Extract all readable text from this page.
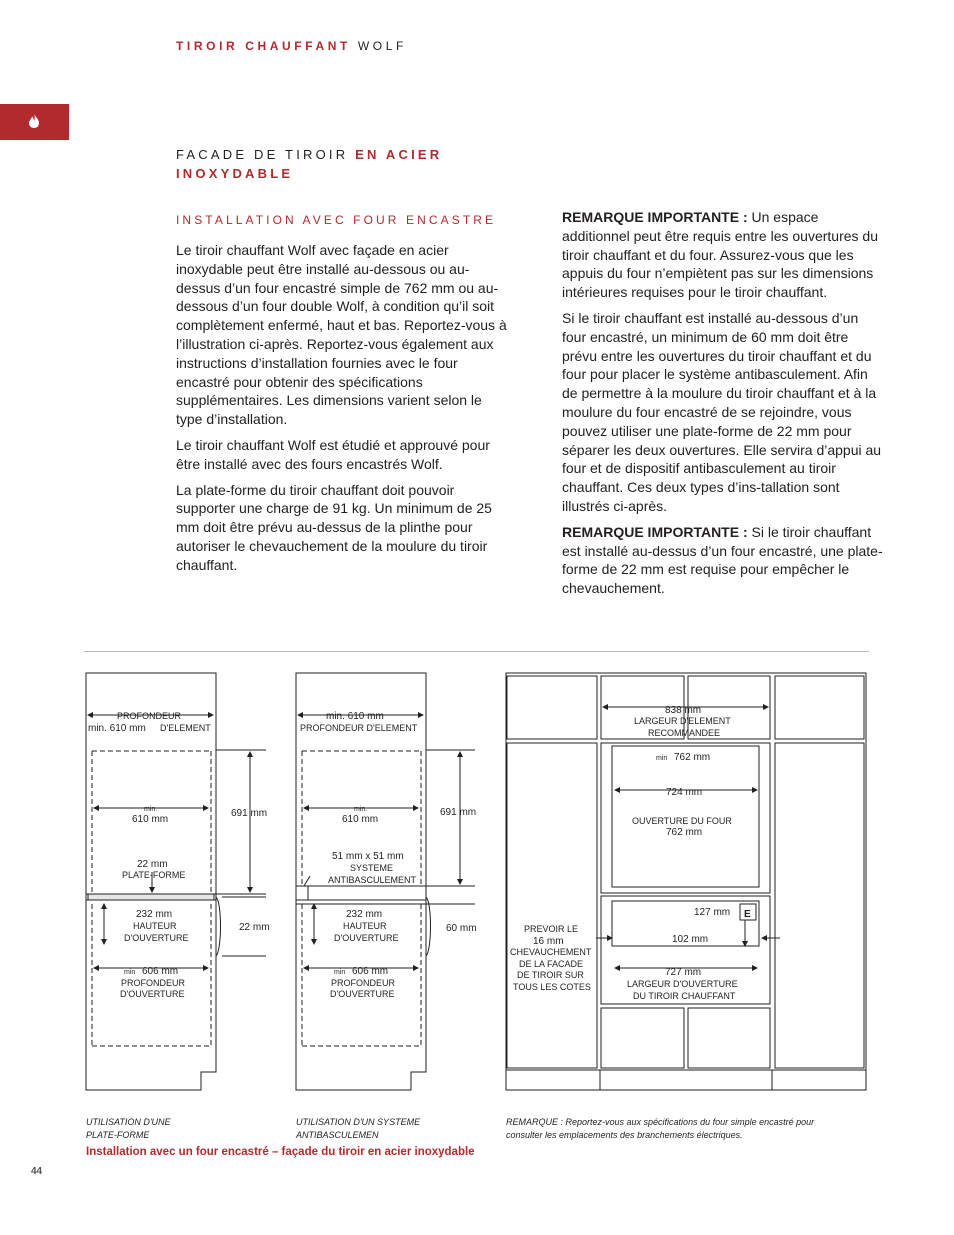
TIROIR CHAUFFANT WOLF
FACADE DE TIROIR EN ACIER INOXYDABLE
INSTALLATION AVEC FOUR ENCASTRE

Le tiroir chauffant Wolf avec façade en acier inoxydable peut être installé au-dessous ou au-dessus d’un four encastré simple de 762 mm ou au-dessous d’un four double Wolf, à condition qu’il soit complètement enfermé, haut et bas. Reportez-vous à l’illustration ci-après. Reportez-vous également aux instructions d’installation fournies avec le four encastré pour obtenir des spécifications supplémentaires. Les dimensions varient selon le type d’installation.

Le tiroir chauffant Wolf est étudié et approuvé pour être installé avec des fours encastrés Wolf.

La plate-forme du tiroir chauffant doit pouvoir supporter une charge de 91 kg. Un minimum de 25 mm doit être prévu au-dessus de la plinthe pour autoriser le chevauchement de la moulure du tiroir chauffant.

REMARQUE IMPORTANTE : Un espace additionnel peut être requis entre les ouvertures du tiroir chauffant et du four. Assurez-vous que les appuis du four n’empiètent pas sur les dimensions intérieures requises pour le tiroir chauffant.

Si le tiroir chauffant est installé au-dessous d’un four encastré, un minimum de 60 mm doit être prévu entre les ouvertures du tiroir chauffant et du four pour placer le système antibasculement. Afin de permettre à la moulure du tiroir chauffant et à la moulure du four encastré de se rejoindre, vous pouvez utiliser une plate-forme de 22 mm pour séparer les deux ouvertures. Elle servira d’appui au four et de dispositif antibasculement au tiroir chauffant. Ces deux types d’ins-tallation sont illustrés ci-après.

REMARQUE IMPORTANTE : Si le tiroir chauffant est installé au-dessus d’un four encastré, une plate-forme de 22 mm est requise pour empêcher le chevauchement.

PROFONDEUR
min. 610 mm D'ELEMENT
min.
610 mm
691 mm
22 mm
PLATE-FORME
22 mm
232 mm
HAUTEUR
D'OUVERTURE
min 606 mm
PROFONDEUR
D'OUVERTURE
min. 610 mm
PROFONDEUR D'ELEMENT
min.
610 mm
691 mm
51 mm x 51 mm
SYSTEME
ANTIBASCULEMENT
60 mm
232 mm
HAUTEUR
D'OUVERTURE
min 606 mm
PROFONDEUR
D'OUVERTURE
838 mm
LARGEUR D'ELEMENT
RECOMMANDEE
min 762 mm
724 mm
OUVERTURE DU FOUR
762 mm
127 mm E
102 mm
PREVOIR LE
16 mm
CHEVAUCHEMENT
DE LA FACADE
DE TIROIR SUR
TOUS LES COTES
727 mm
LARGEUR D'OUVERTURE
DU TIROIR CHAUFFANT
UTILISATION D'UNE
PLATE-FORME
UTILISATION D'UN SYSTEME
ANTIBASCULEMEN
REMARQUE : Reportez-vous aux spécifications du four simple encastré pour
consulter les emplacements des branchements électriques.
Installation avec un four encastré – façade du tiroir en acier inoxydable
44
